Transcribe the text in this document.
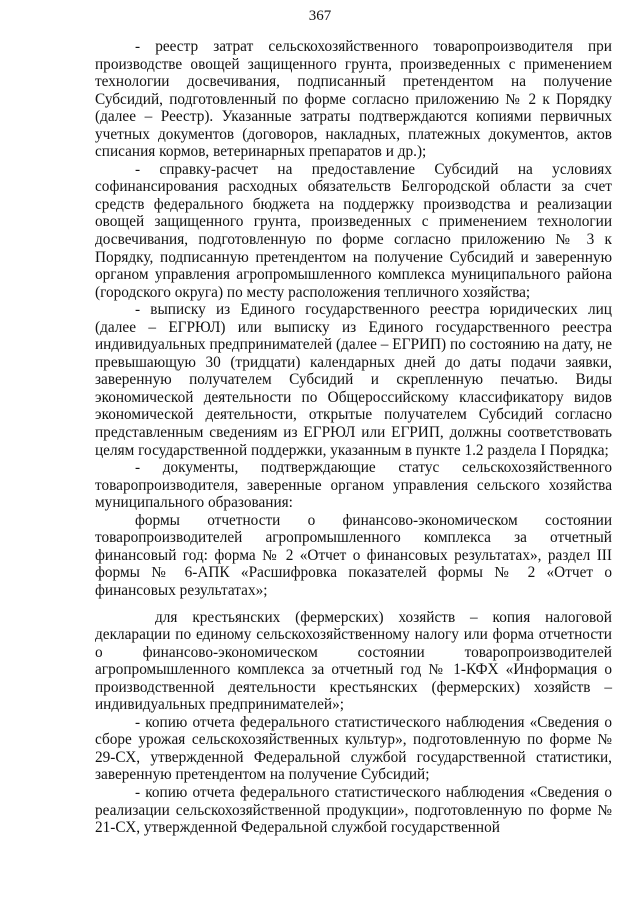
367

- реестр затрат сельскохозяйственного товаропроизводителя при производстве овощей защищенного грунта, произведенных с применением технологии досвечивания, подписанный претендентом на получение Субсидий, подготовленный по форме согласно приложению № 2 к Порядку (далее – Реестр). Указанные затраты подтверждаются копиями первичных учетных документов (договоров, накладных, платежных документов, актов списания кормов, ветеринарных препаратов и др.);

- справку-расчет на предоставление Субсидий на условиях софинансирования расходных обязательств Белгородской области за счет средств федерального бюджета на поддержку производства и реализации овощей защищенного грунта, произведенных с применением технологии досвечивания, подготовленную по форме согласно приложению № 3 к Порядку, подписанную претендентом на получение Субсидий и заверенную органом управления агропромышленного комплекса муниципального района (городского округа) по месту расположения тепличного хозяйства;

- выписку из Единого государственного реестра юридических лиц (далее – ЕГРЮЛ) или выписку из Единого государственного реестра индивидуальных предпринимателей (далее – ЕГРИП) по состоянию на дату, не превышающую 30 (тридцати) календарных дней до даты подачи заявки, заверенную получателем Субсидий и скрепленную печатью. Виды экономической деятельности по Общероссийскому классификатору видов экономической деятельности, открытые получателем Субсидий согласно представленным сведениям из ЕГРЮЛ или ЕГРИП, должны соответствовать целям государственной поддержки, указанным в пункте 1.2 раздела I Порядка;

- документы, подтверждающие статус сельскохозяйственного товаропроизводителя, заверенные органом управления сельского хозяйства муниципального образования:

формы отчетности о финансово-экономическом состоянии товаропроизводителей агропромышленного комплекса за отчетный финансовый год: форма № 2 «Отчет о финансовых результатах», раздел III формы № 6-АПК «Расшифровка показателей формы № 2 «Отчет о финансовых результатах»;

для крестьянских (фермерских) хозяйств – копия налоговой декларации по единому сельскохозяйственному налогу или форма отчетности о финансово-экономическом состоянии товаропроизводителей агропромышленного комплекса за отчетный год № 1-КФХ «Информация о производственной деятельности крестьянских (фермерских) хозяйств – индивидуальных предпринимателей»;

- копию отчета федерального статистического наблюдения «Сведения о сборе урожая сельскохозяйственных культур», подготовленную по форме № 29-СХ, утвержденной Федеральной службой государственной статистики, заверенную претендентом на получение Субсидий;

- копию отчета федерального статистического наблюдения «Сведения о реализации сельскохозяйственной продукции», подготовленную по форме № 21-СХ, утвержденной Федеральной службой государственной
